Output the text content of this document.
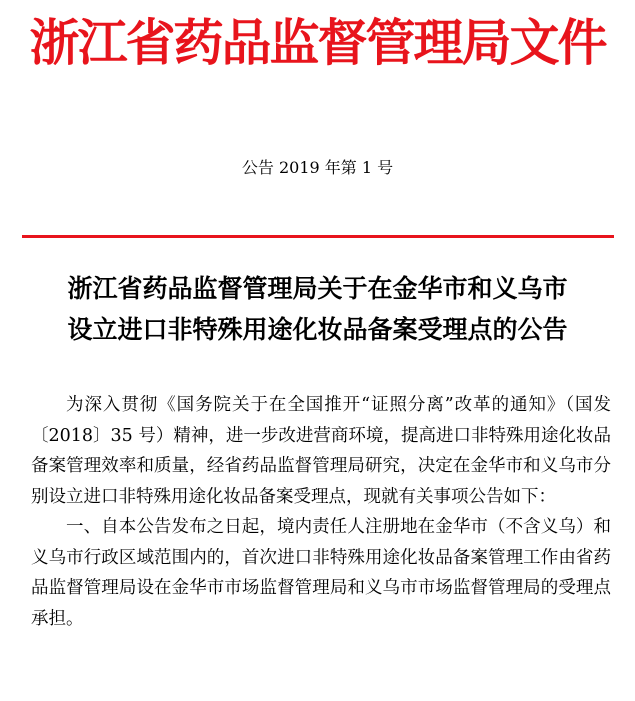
浙江省药品监督管理局文件
公告 2019 年第 1 号
浙江省药品监督管理局关于在金华市和义乌市
设立进口非特殊用途化妆品备案受理点的公告

为深入贯彻《国务院关于在全国推开“证照分离”改革的通知》（国发〔2018〕35 号）精神，进一步改进营商环境，提高进口非特殊用途化妆品备案管理效率和质量，经省药品监督管理局研究，决定在金华市和义乌市分别设立进口非特殊用途化妆品备案受理点，现就有关事项公告如下：

一、自本公告发布之日起，境内责任人注册地在金华市（不含义乌）和义乌市行政区域范围内的，首次进口非特殊用途化妆品备案管理工作由省药品监督管理局设在金华市市场监督管理局和义乌市市场监督管理局的受理点承担。
